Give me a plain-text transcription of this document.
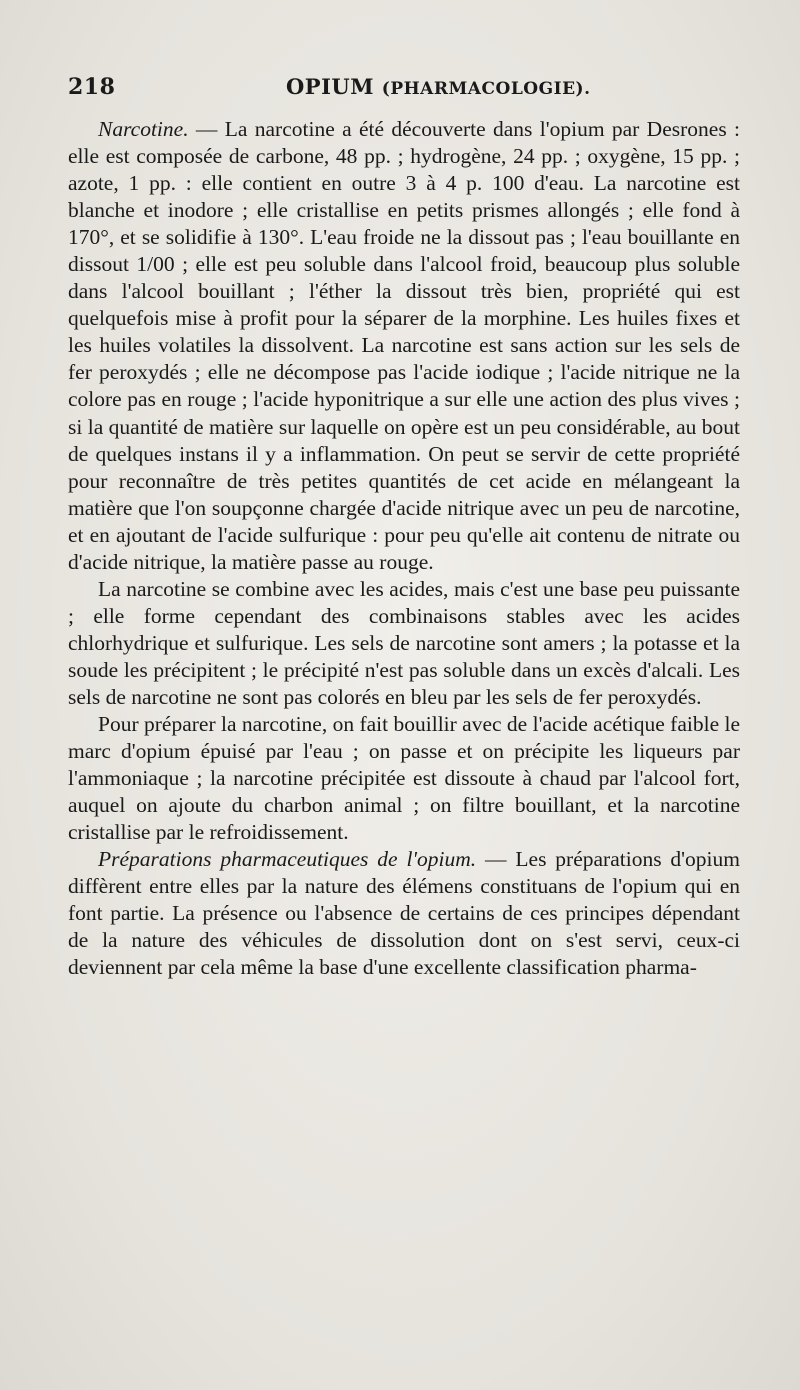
218	OPIUM (PHARMACOLOGIE).

Narcotine. — La narcotine a été découverte dans l'opium par Desrones : elle est composée de carbone, 48 pp. ; hydrogène, 24 pp. ; oxygène, 15 pp. ; azote, 1 pp. : elle contient en outre 3 à 4 p. 100 d'eau. La narcotine est blanche et inodore ; elle cristallise en petits prismes allongés ; elle fond à 170°, et se solidifie à 130°. L'eau froide ne la dissout pas ; l'eau bouillante en dissout 1/00 ; elle est peu soluble dans l'alcool froid, beaucoup plus soluble dans l'alcool bouillant ; l'éther la dissout très bien, propriété qui est quelquefois mise à profit pour la séparer de la morphine. Les huiles fixes et les huiles volatiles la dissolvent. La narcotine est sans action sur les sels de fer peroxydés ; elle ne décompose pas l'acide iodique ; l'acide nitrique ne la colore pas en rouge ; l'acide hyponitrique a sur elle une action des plus vives ; si la quantité de matière sur laquelle on opère est un peu considérable, au bout de quelques instans il y a inflammation. On peut se servir de cette propriété pour reconnaître de très petites quantités de cet acide en mélangeant la matière que l'on soupçonne chargée d'acide nitrique avec un peu de narcotine, et en ajoutant de l'acide sulfurique : pour peu qu'elle ait contenu de nitrate ou d'acide nitrique, la matière passe au rouge.

La narcotine se combine avec les acides, mais c'est une base peu puissante ; elle forme cependant des combinaisons stables avec les acides chlorhydrique et sulfurique. Les sels de narcotine sont amers ; la potasse et la soude les précipitent ; le précipité n'est pas soluble dans un excès d'alcali. Les sels de narcotine ne sont pas colorés en bleu par les sels de fer peroxydés.

Pour préparer la narcotine, on fait bouillir avec de l'acide acétique faible le marc d'opium épuisé par l'eau ; on passe et on précipite les liqueurs par l'ammoniaque ; la narcotine précipitée est dissoute à chaud par l'alcool fort, auquel on ajoute du charbon animal ; on filtre bouillant, et la narcotine cristallise par le refroidissement.

Préparations pharmaceutiques de l'opium. — Les préparations d'opium diffèrent entre elles par la nature des élémens constituans de l'opium qui en font partie. La présence ou l'absence de certains de ces principes dépendant de la nature des véhicules de dissolution dont on s'est servi, ceux-ci deviennent par cela même la base d'une excellente classification pharma-
